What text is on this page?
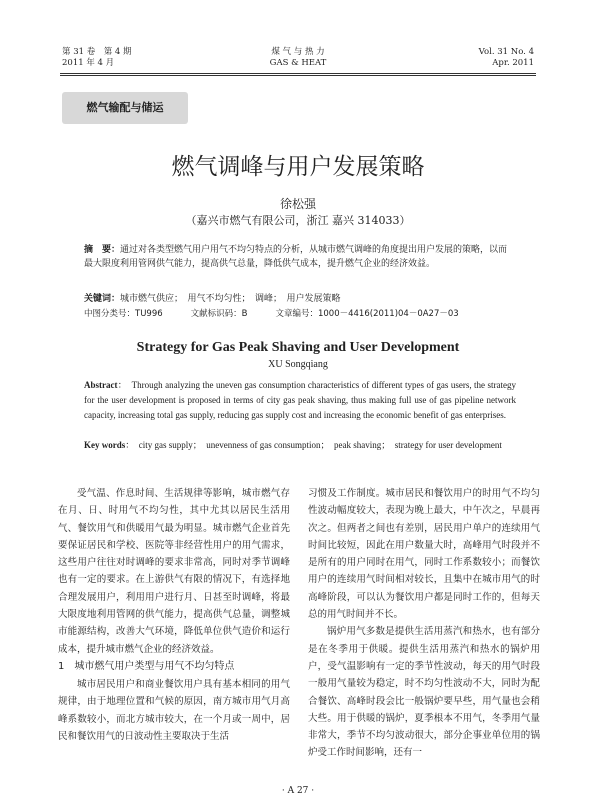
第 31 卷　第 4 期
2011 年 4 月
煤 气 与 热 力
GAS & HEAT
Vol. 31 No. 4
Apr. 2011
燃气输配与储运
燃气调峰与用户发展策略
徐松强
（嘉兴市燃气有限公司，浙江 嘉兴 314033）
摘　要：通过对各类型燃气用户用气不均匀特点的分析，从城市燃气调峰的角度提出用户发展的策略，以而最大限度利用管网供气能力，提高供气总量，降低供气成本，提升燃气企业的经济效益。
关键词：城市燃气供应；　用气不均匀性；　调峰；　用户发展策略
中图分类号：TU996	文献标识码：B	文章编号：1000－4416(2011)04－0A27－03
Strategy for Gas Peak Shaving and User Development
XU Songqiang
Abstract：　Through analyzing the uneven gas consumption characteristics of different types of gas users, the strategy for the user development is proposed in terms of city gas peak shaving, thus making full use of gas pipeline network capacity, increasing total gas supply, reducing gas supply cost and increasing the economic benefit of gas enterprises.
Key words：　city gas supply；　unevenness of gas consumption；　peak shaving；　strategy for user development

受气温、作息时间、生活规律等影响，城市燃气存在月、日、时用气不均匀性，其中尤其以居民生活用气、餐饮用气和供暖用气最为明显。城市燃气企业首先要保证居民和学校、医院等非经营性用户的用气需求，这些用户往往对时调峰的要求非常高，同时对季节调峰也有一定的要求。在上游供气有限的情况下，有选择地合理发展用户，利用用户进行月、日甚至时调峰，将最大限度地利用管网的供气能力，提高供气总量，调整城市能源结构，改善大气环境，降低单位供气造价和运行成本，提升城市燃气企业的经济效益。

1　城市燃气用户类型与用气不均匀特点

城市居民用户和商业餐饮用户具有基本相同的用气规律，由于地理位置和气候的原因，南方城市用气月高峰系数较小，而北方城市较大，在一个月或一周中，居民和餐饮用气的日波动性主要取决于生活

习惯及工作制度。城市居民和餐饮用户的时用气不均匀性波动幅度较大，表现为晚上最大，中午次之，早晨再次之。但两者之间也有差别，居民用户单户的连续用气时间比较短，因此在用户数量大时，高峰用气时段并不是所有的用户同时在用气，同时工作系数较小；而餐饮用户的连续用气时间相对较长，且集中在城市用气的时高峰阶段，可以认为餐饮用户都是同时工作的，但每天总的用气时间并不长。

锅炉用气多数是提供生活用蒸汽和热水，也有部分是在冬季用于供暖。提供生活用蒸汽和热水的锅炉用户，受气温影响有一定的季节性波动，每天的用气时段一般用气量较为稳定，时不均匀性波动不大，同时为配合餐饮、高峰时段会比一般锅炉要早些，用气量也会稍大些。用于供暖的锅炉，夏季根本不用气，冬季用气量非常大，季节不均匀波动很大，部分企事业单位用的锅炉受工作时间影响，还有一

· A 27 ·
